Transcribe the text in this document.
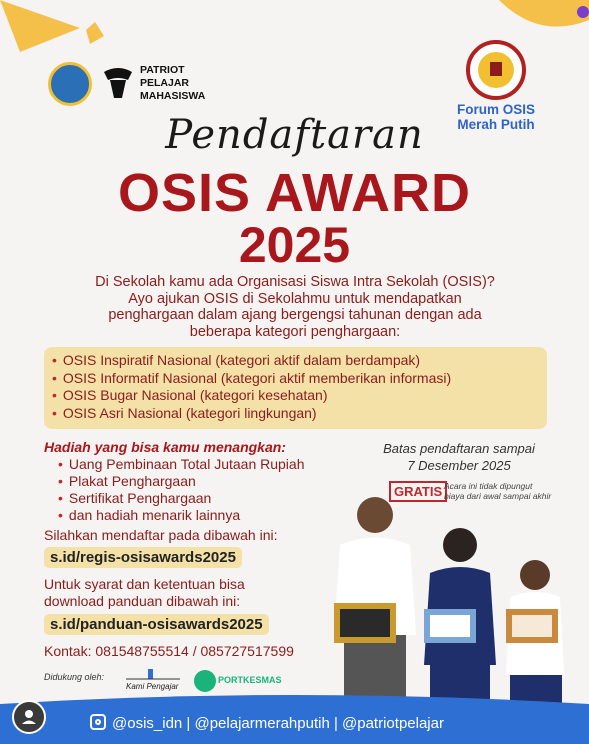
PATRIOT
PELAJAR
MAHASISWA
Forum OSIS
Merah Putih
Pendaftaran
OSIS AWARD
2025
Di Sekolah kamu ada Organisasi Siswa Intra Sekolah (OSIS)?
Ayo ajukan OSIS di Sekolahmu untuk mendapatkan
penghargaan dalam ajang bergengsi tahunan dengan ada
beberapa kategori penghargaan:
• OSIS Inspiratif Nasional (kategori aktif dalam berdampak)
• OSIS Informatif Nasional (kategori aktif memberikan informasi)
• OSIS Bugar Nasional (kategori kesehatan)
• OSIS Asri Nasional (kategori lingkungan)
Hadiah yang bisa kamu menangkan:
• Uang Pembinaan Total Jutaan Rupiah
• Plakat Penghargaan
• Sertifikat Penghargaan
• dan hadiah menarik lainnya
Batas pendaftaran sampai
7 Desember 2025
GRATIS Acara ini tidak dipungut
biaya dari awal sampai akhir
Silahkan mendaftar pada dibawah ini:
s.id/regis-osisawards2025
Untuk syarat dan ketentuan bisa
download panduan dibawah ini:
s.id/panduan-osisawards2025
Kontak: 081548755514 / 085727517599
Didukung oleh:
Kami Pengajar
PORTKESMAS
@osis_idn | @pelajarmerahputih | @patriotpelajar
